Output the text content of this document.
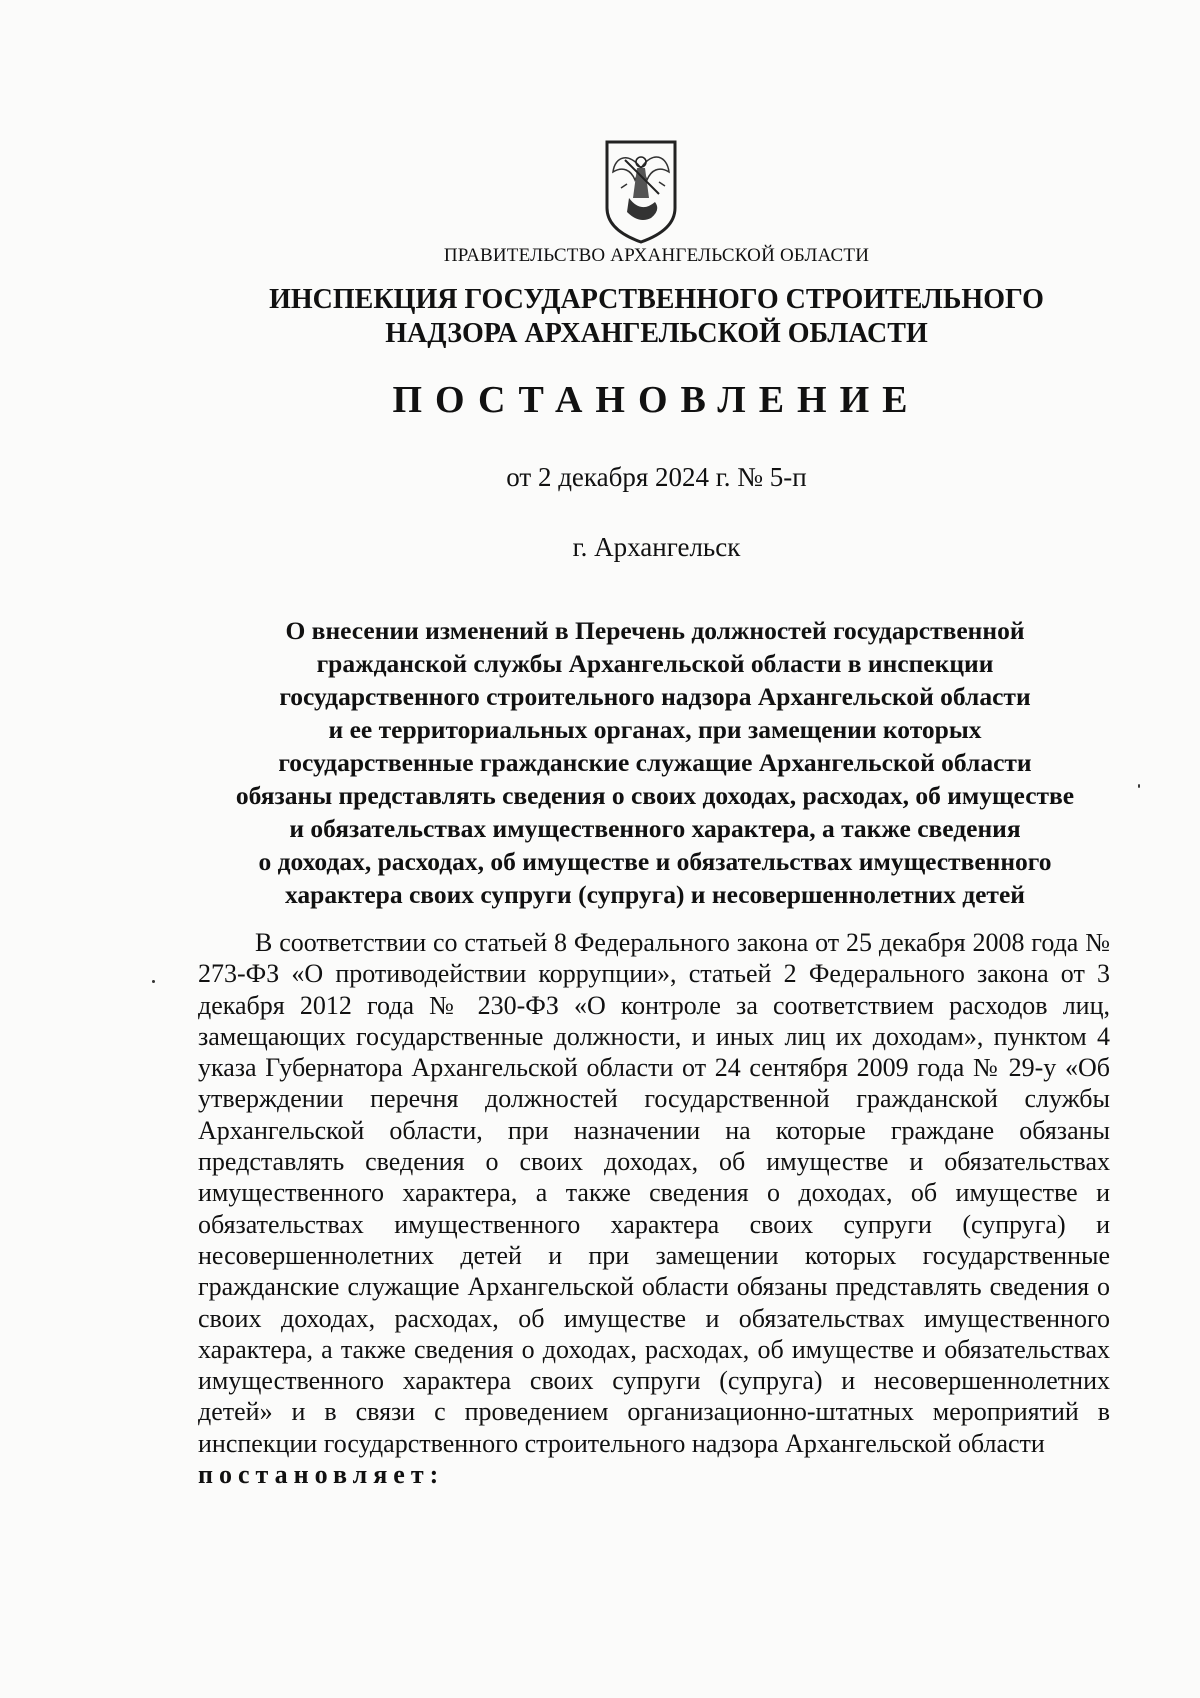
ПРАВИТЕЛЬСТВО АРХАНГЕЛЬСКОЙ ОБЛАСТИ
ИНСПЕКЦИЯ ГОСУДАРСТВЕННОГО СТРОИТЕЛЬНОГО
НАДЗОРА АРХАНГЕЛЬСКОЙ ОБЛАСТИ
ПОСТАНОВЛЕНИЕ
от 2 декабря 2024 г. № 5-п
г. Архангельск
О внесении изменений в Перечень должностей государственной
гражданской службы Архангельской области в инспекции
государственного строительного надзора Архангельской области
и ее территориальных органах, при замещении которых
государственные гражданские служащие Архангельской области
обязаны представлять сведения о своих доходах, расходах, об имуществе
и обязательствах имущественного характера, а также сведения
о доходах, расходах, об имуществе и обязательствах имущественного
характера своих супруги (супруга) и несовершеннолетних детей
В соответствии со статьей 8 Федерального закона от 25 декабря 2008 года № 273-ФЗ «О противодействии коррупции», статьей 2 Федерального закона от 3 декабря 2012 года № 230-ФЗ «О контроле за соответствием расходов лиц, замещающих государственные должности, и иных лиц их доходам», пунктом 4 указа Губернатора Архангельской области от 24 сентября 2009 года № 29-у «Об утверждении перечня должностей государственной гражданской службы Архангельской области, при назначении на которые граждане обязаны представлять сведения о своих доходах, об имуществе и обязательствах имущественного характера, а также сведения о доходах, об имуществе и обязательствах имущественного характера своих супруги (супруга) и несовершеннолетних детей и при замещении которых государственные гражданские служащие Архангельской области обязаны представлять сведения о своих доходах, расходах, об имуществе и обязательствах имущественного характера, а также сведения о доходах, расходах, об имуществе и обязательствах имущественного характера своих супруги (супруга) и несовершеннолетних детей» и в связи с проведением организационно-штатных мероприятий в инспекции государственного строительного надзора Архангельской области
постановляет:
